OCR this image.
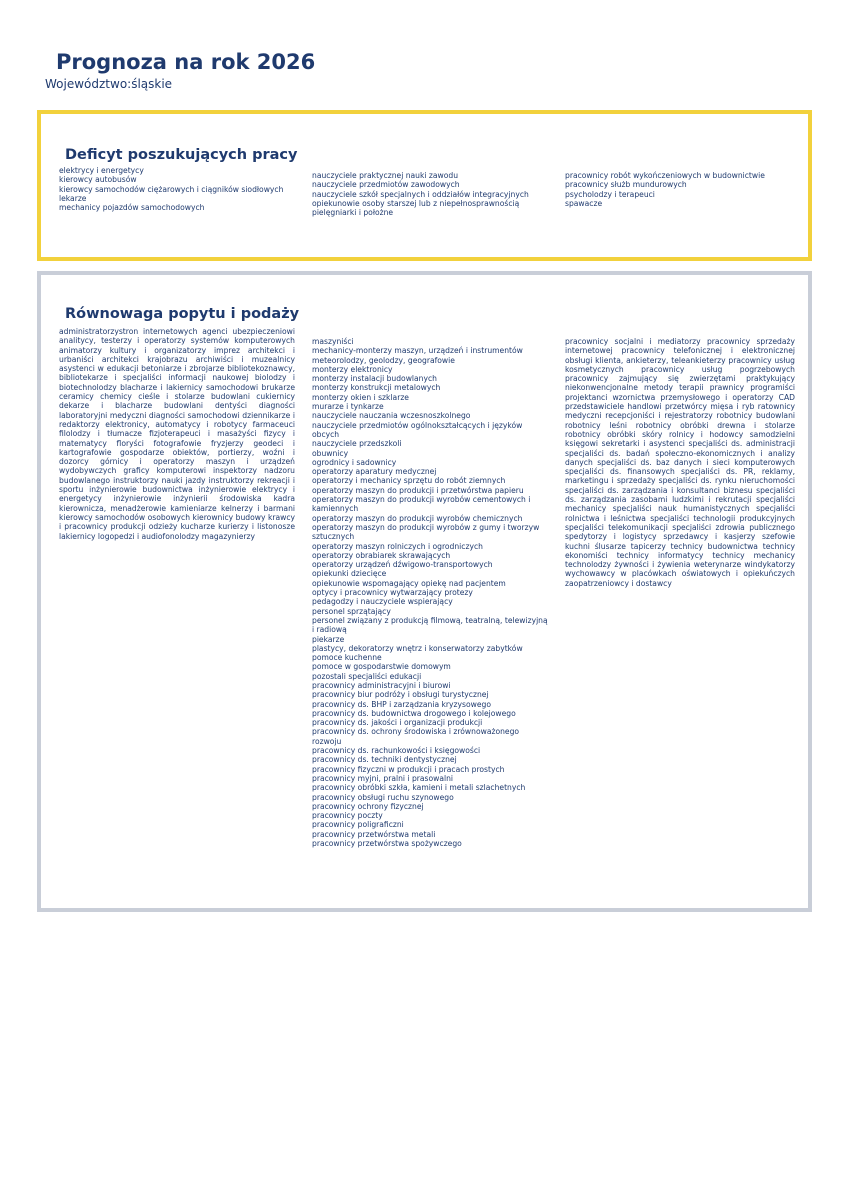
Prognoza na rok 2026
Województwo:śląskie
Deficyt poszukujących pracy
elektrycy i energetycy
kierowcy autobusów
kierowcy samochodów ciężarowych i ciągników siodłowych
lekarze
mechanicy pojazdów samochodowych
nauczyciele praktycznej nauki zawodu
nauczyciele przedmiotów zawodowych
nauczyciele szkół specjalnych i oddziałów integracyjnych
opiekunowie osoby starszej lub z niepełnosprawnością
pielęgniarki i położne
pracownicy robót wykończeniowych w budownictwie
pracownicy służb mundurowych
psycholodzy i terapeuci
spawacze
Równowaga popytu i podaży
administratorzystron internetowych agenci ubezpieczeniowi analitycy, testerzy i operatorzy systemów komputerowych animatorzy kultury i organizatorzy imprez architekci i urbaniści architekci krajobrazu archiwiści i muzealnicy asystenci w edukacji betoniarze i zbrojarze bibliotekoznawcy, bibliotekarze i specjaliści informacji naukowej biolodzy i biotechnolodzy blacharze i lakiernicy samochodowi brukarze ceramicy chemicy cieśle i stolarze budowlani cukiernicy dekarze i blacharze budowlani dentyści diagności laboratoryjni medyczni diagności samochodowi dziennikarze i redaktorzy elektronicy, automatycy i robotycy farmaceuci filolodzy i tłumacze fizjoterapeuci i masażyści fizycy i matematycy floryści fotografowie fryzjerzy geodeci i kartografowie gospodarze obiektów, portierzy, woźni i dozorcy górnicy i operatorzy maszyn i urządzeń wydobywczych graficy komputerowi inspektorzy nadzoru budowlanego instruktorzy nauki jazdy instruktorzy rekreacji i sportu inżynierowie budownictwa inżynierowie elektrycy i energetycy inżynierowie inżynierii środowiska kadra kierownicza, menadżerowie kamieniarze kelnerzy i barmani kierowcy samochodów osobowych kierownicy budowy krawcy i pracownicy produkcji odzieży kucharze kurierzy i listonosze lakiernicy logopedzi i audiofonolodzy magazynierzy
maszyniści
mechanicy-monterzy maszyn, urządzeń i instrumentów
meteorolodzy, geolodzy, geografowie
monterzy elektronicy
monterzy instalacji budowlanych
monterzy konstrukcji metalowych
monterzy okien i szklarze
murarze i tynkarze
nauczyciele nauczania wczesnoszkolnego
nauczyciele przedmiotów ogólnokształcących i języków obcych
nauczyciele przedszkoli
obuwnicy
ogrodnicy i sadownicy
operatorzy aparatury medycznej
operatorzy i mechanicy sprzętu do robót ziemnych
operatorzy maszyn do produkcji i przetwórstwa papieru
operatorzy maszyn do produkcji wyrobów cementowych i kamiennych
operatorzy maszyn do produkcji wyrobów chemicznych
operatorzy maszyn do produkcji wyrobów z gumy i tworzyw sztucznych
operatorzy maszyn rolniczych i ogrodniczych
operatorzy obrabiarek skrawających
operatorzy urządzeń dźwigowo-transportowych
opiekunki dziecięce
opiekunowie wspomagający opiekę nad pacjentem
optycy i pracownicy wytwarzający protezy
pedagodzy i nauczyciele wspierający
personel sprzątający
personel związany z produkcją filmową, teatralną, telewizyjną i radiową
piekarze
plastycy, dekoratorzy wnętrz i konserwatorzy zabytków
pomoce kuchenne
pomoce w gospodarstwie domowym
pozostali specjaliści edukacji
pracownicy administracyjni i biurowi
pracownicy biur podróży i obsługi turystycznej
pracownicy ds. BHP i zarządzania kryzysowego
pracownicy ds. budownictwa drogowego i kolejowego
pracownicy ds. jakości i organizacji produkcji
pracownicy ds. ochrony środowiska i zrównoważonego rozwoju
pracownicy ds. rachunkowości i księgowości
pracownicy ds. techniki dentystycznej
pracownicy fizyczni w produkcji i pracach prostych
pracownicy myjni, pralni i prasowalni
pracownicy obróbki szkła, kamieni i metali szlachetnych
pracownicy obsługi ruchu szynowego
pracownicy ochrony fizycznej
pracownicy poczty
pracownicy poligraficzni
pracownicy przetwórstwa metali
pracownicy przetwórstwa spożywczego
pracownicy socjalni i mediatorzy pracownicy sprzedaży internetowej pracownicy telefonicznej i elektronicznej obsługi klienta, ankieterzy, teleankieterzy pracownicy usług kosmetycznych pracownicy usług pogrzebowych pracownicy zajmujący się zwierzętami praktykujący niekonwencjonalne metody terapii prawnicy programiści projektanci wzornictwa przemysłowego i operatorzy CAD przedstawiciele handlowi przetwórcy mięsa i ryb ratownicy medyczni recepcjoniści i rejestratorzy robotnicy budowlani robotnicy leśni robotnicy obróbki drewna i stolarze robotnicy obróbki skóry rolnicy i hodowcy samodzielni księgowi sekretarki i asystenci specjaliści ds. administracji specjaliści ds. badań społeczno-ekonomicznych i analizy danych specjaliści ds. baz danych i sieci komputerowych specjaliści ds. finansowych specjaliści ds. PR, reklamy, marketingu i sprzedaży specjaliści ds. rynku nieruchomości specjaliści ds. zarządzania i konsultanci biznesu specjaliści ds. zarządzania zasobami ludzkimi i rekrutacji specjaliści mechanicy specjaliści nauk humanistycznych specjaliści rolnictwa i leśnictwa specjaliści technologii produkcyjnych specjaliści telekomunikacji specjaliści zdrowia publicznego spedytorzy i logistycy sprzedawcy i kasjerzy szefowie kuchni ślusarze tapicerzy technicy budownictwa technicy ekonomiści technicy informatycy technicy mechanicy technolodzy żywności i żywienia weterynarze windykatorzy wychowawcy w placówkach oświatowych i opiekuńczych zaopatrzeniowcy i dostawcy
